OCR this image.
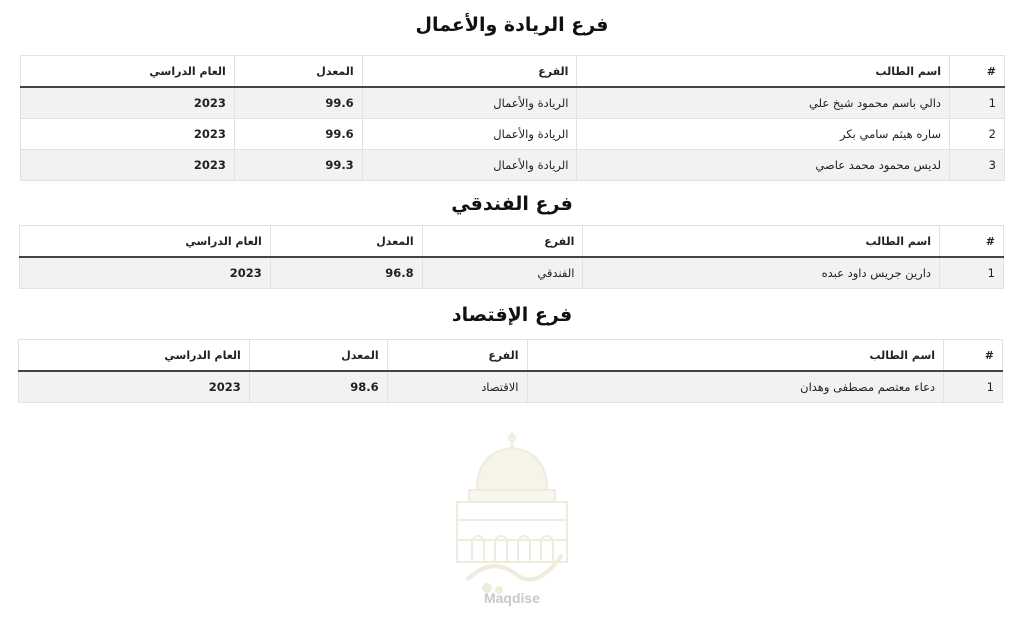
فرع الريادة والأعمال
#	اسم الطالب	الفرع	المعدل	العام الدراسي
1	دالي باسم محمود شيخ علي	الريادة والأعمال	99.6	2023
2	ساره هيثم سامي بكر	الريادة والأعمال	99.6	2023
3	لديس محمود محمد عاصي	الريادة والأعمال	99.3	2023
فرع الفندقي
#	اسم الطالب	الفرع	المعدل	العام الدراسي
1	دارين جريس داود عبده	الفندقي	96.8	2023
فرع الإقتصاد
#	اسم الطالب	الفرع	المعدل	العام الدراسي
1	دعاء معتصم مصطفى وهدان	الاقتصاد	98.6	2023
Maqdise
